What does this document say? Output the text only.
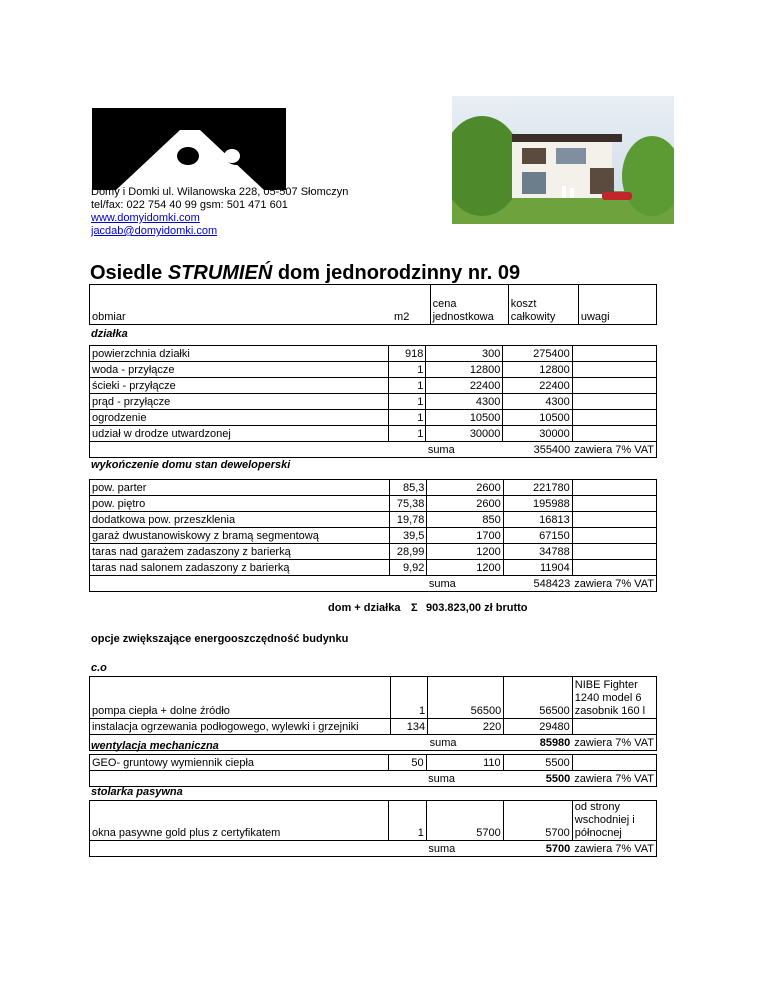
Domy i Domki ul. Wilanowska 228, 05-507 Słomczyn
tel/fax: 022 754 40 99 gsm: 501 471 601
www.domyidomki.com
jacdab@domyidomki.com
Osiedle STRUMIEŃ dom jednorodzinny nr. 09
obmiar	m2	cena jednostkowa	koszt całkowity	uwagi
działka
powierzchnia działki	918	300	275400	
woda - przyłącze	1	12800	12800	
ścieki - przyłącze	1	22400	22400	
prąd - przyłącze	1	4300	4300	
ogrodzenie	1	10500	10500	
udział w drodze utwardzonej	1	30000	30000	
		suma	355400	zawiera 7% VAT
wykończenie domu stan deweloperski
pow. parter	85,3	2600	221780	
pow. piętro	75,38	2600	195988	
dodatkowa pow. przeszklenia	19,78	850	16813	
garaż dwustanowiskowy z bramą segmentową	39,5	1700	67150	
taras nad garażem zadaszony z barierką	28,99	1200	34788	
taras nad salonem zadaszony z barierką	9,92	1200	11904	
		suma	548423	zawiera 7% VAT
dom + działka Σ 903.823,00 zł brutto
opcje zwiększające energooszczędność budynku
c.o
pompa ciepła + dolne źródło	1	56500	56500	NIBE Fighter 1240 model 6 zasobnik 160 l
instalacja ogrzewania podłogowego, wylewki i grzejniki	134	220	29480	
		suma	85980	zawiera 7% VAT
wentylacja mechaniczna
GEO- gruntowy wymiennik ciepła	50	110	5500	
		suma	5500	zawiera 7% VAT
stolarka pasywna
okna pasywne gold plus z certyfikatem	1	5700	5700	od strony wschodniej i północnej
		suma	5700	zawiera 7% VAT
